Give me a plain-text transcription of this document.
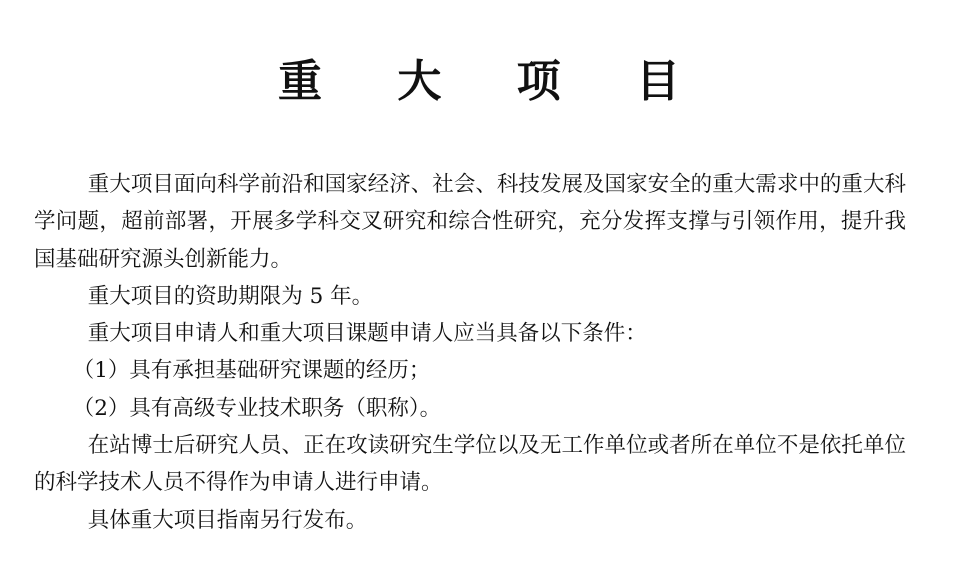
重 大 项 目

重大项目面向科学前沿和国家经济、社会、科技发展及国家安全的重大需求中的重大科学问题，超前部署，开展多学科交叉研究和综合性研究，充分发挥支撑与引领作用，提升我国基础研究源头创新能力。

重大项目的资助期限为 5 年。

重大项目申请人和重大项目课题申请人应当具备以下条件：

（1）具有承担基础研究课题的经历；

（2）具有高级专业技术职务（职称）。

在站博士后研究人员、正在攻读研究生学位以及无工作单位或者所在单位不是依托单位的科学技术人员不得作为申请人进行申请。

具体重大项目指南另行发布。
